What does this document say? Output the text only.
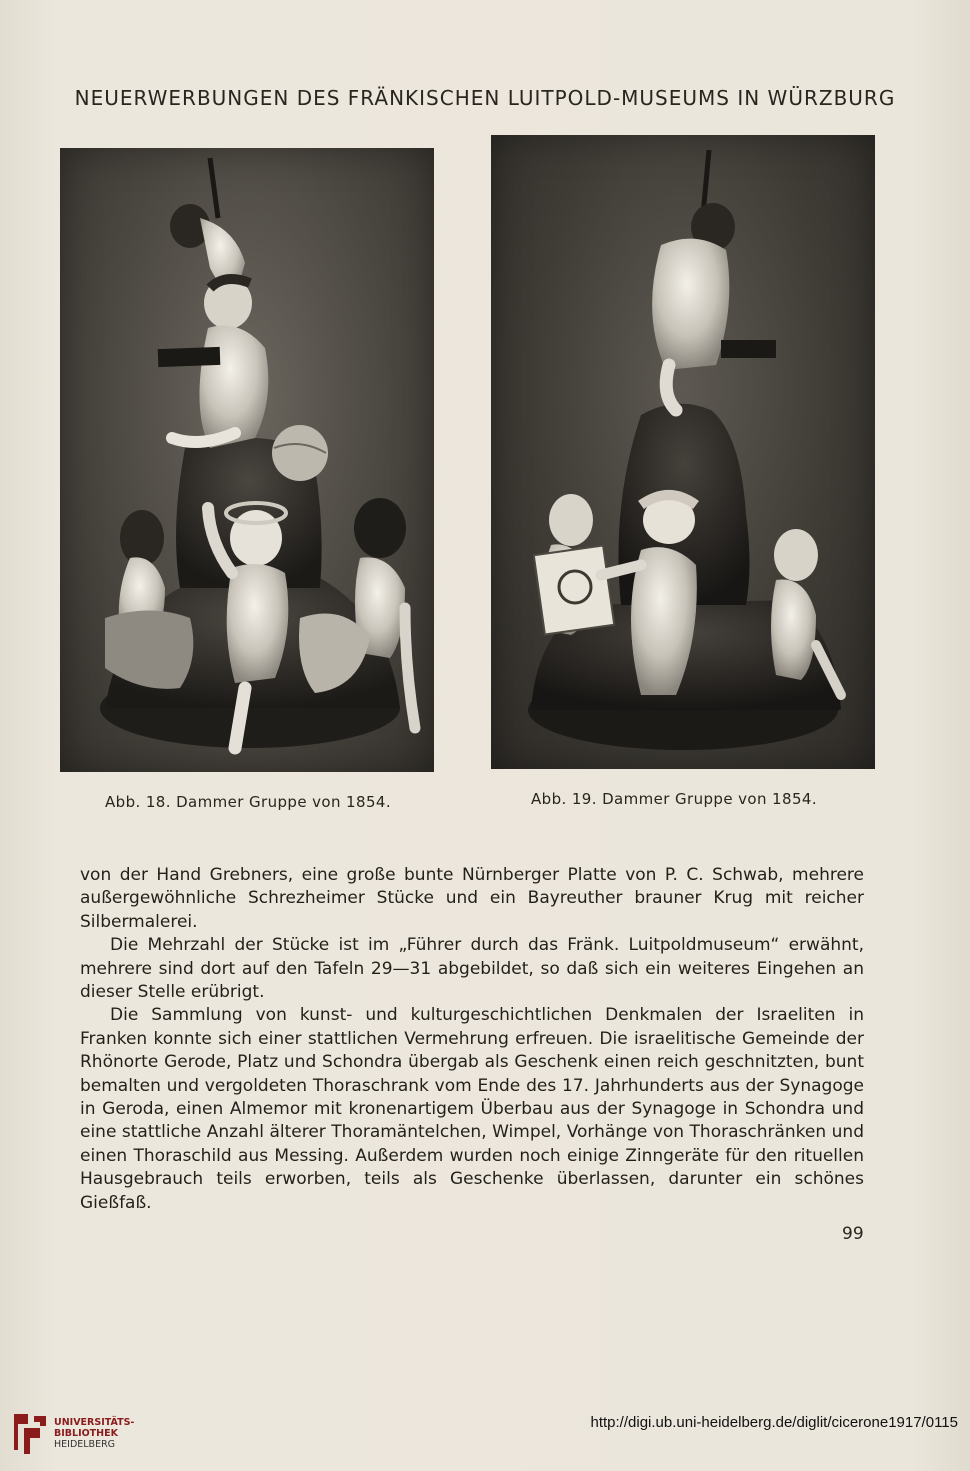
NEUERWERBUNGEN DES FRÄNKISCHEN LUITPOLD-MUSEUMS IN WÜRZBURG
Abb. 18. Dammer Gruppe von 1854.	Abb. 19. Dammer Gruppe von 1854.

von der Hand Grebners, eine große bunte Nürnberger Platte von P. C. Schwab, mehrere außergewöhnliche Schrezheimer Stücke und ein Bayreuther brauner Krug mit reicher Silbermalerei.

Die Mehrzahl der Stücke ist im „Führer durch das Fränk. Luitpoldmuseum“ erwähnt, mehrere sind dort auf den Tafeln 29—31 abgebildet, so daß sich ein weiteres Eingehen an dieser Stelle erübrigt.

Die Sammlung von kunst- und kulturgeschichtlichen Denkmalen der Israeliten in Franken konnte sich einer stattlichen Vermehrung erfreuen. Die israelitische Gemeinde der Rhönorte Gerode, Platz und Schondra übergab als Geschenk einen reich geschnitzten, bunt bemalten und vergoldeten Thoraschrank vom Ende des 17. Jahrhunderts aus der Synagoge in Geroda, einen Almemor mit kronenartigem Überbau aus der Synagoge in Schondra und eine stattliche Anzahl älterer Thoramäntelchen, Wimpel, Vorhänge von Thoraschränken und einen Thoraschild aus Messing. Außerdem wurden noch einige Zinngeräte für den rituellen Hausgebrauch teils erworben, teils als Geschenke überlassen, darunter ein schönes Gießfaß.

99
UNIVERSITÄTS-
BIBLIOTHEK
HEIDELBERG
http://digi.ub.uni-heidelberg.de/diglit/cicerone1917/0115
